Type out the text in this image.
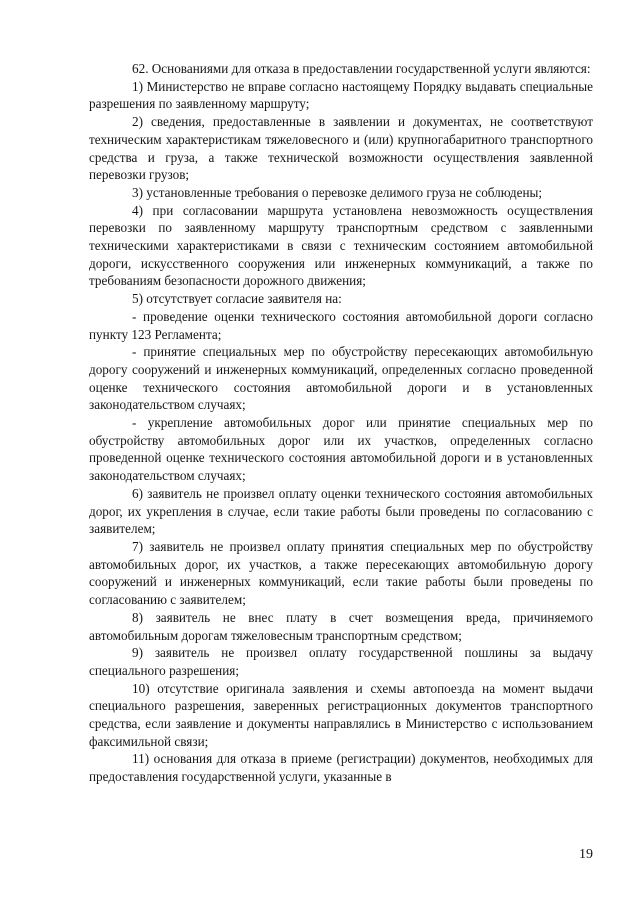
62. Основаниями для отказа в предоставлении государственной услуги являются:

1) Министерство не вправе согласно настоящему Порядку выдавать специальные разрешения по заявленному маршруту;

2) сведения, предоставленные в заявлении и документах, не соответствуют техническим характеристикам тяжеловесного и (или) крупногабаритного транспортного средства и груза, а также технической возможности осуществления заявленной перевозки грузов;

3) установленные требования о перевозке делимого груза не соблюдены;

4) при согласовании маршрута установлена невозможность осуществления перевозки по заявленному маршруту транспортным средством с заявленными техническими характеристиками в связи с техническим состоянием автомобильной дороги, искусственного сооружения или инженерных коммуникаций, а также по требованиям безопасности дорожного движения;

5) отсутствует согласие заявителя на:

- проведение оценки технического состояния автомобильной дороги согласно пункту 123 Регламента;

- принятие специальных мер по обустройству пересекающих автомобильную дорогу сооружений и инженерных коммуникаций, определенных согласно проведенной оценке технического состояния автомобильной дороги и в установленных законодательством случаях;

- укрепление автомобильных дорог или принятие специальных мер по обустройству автомобильных дорог или их участков, определенных согласно проведенной оценке технического состояния автомобильной дороги и в установленных законодательством случаях;

6) заявитель не произвел оплату оценки технического состояния автомобильных дорог, их укрепления в случае, если такие работы были проведены по согласованию с заявителем;

7) заявитель не произвел оплату принятия специальных мер по обустройству автомобильных дорог, их участков, а также пересекающих автомобильную дорогу сооружений и инженерных коммуникаций, если такие работы были проведены по согласованию с заявителем;

8) заявитель не внес плату в счет возмещения вреда, причиняемого автомобильным дорогам тяжеловесным транспортным средством;

9) заявитель не произвел оплату государственной пошлины за выдачу специального разрешения;

10) отсутствие оригинала заявления и схемы автопоезда на момент выдачи специального разрешения, заверенных регистрационных документов транспортного средства, если заявление и документы направлялись в Министерство с использованием факсимильной связи;

11) основания для отказа в приеме (регистрации) документов, необходимых для предоставления государственной услуги, указанные в

19
